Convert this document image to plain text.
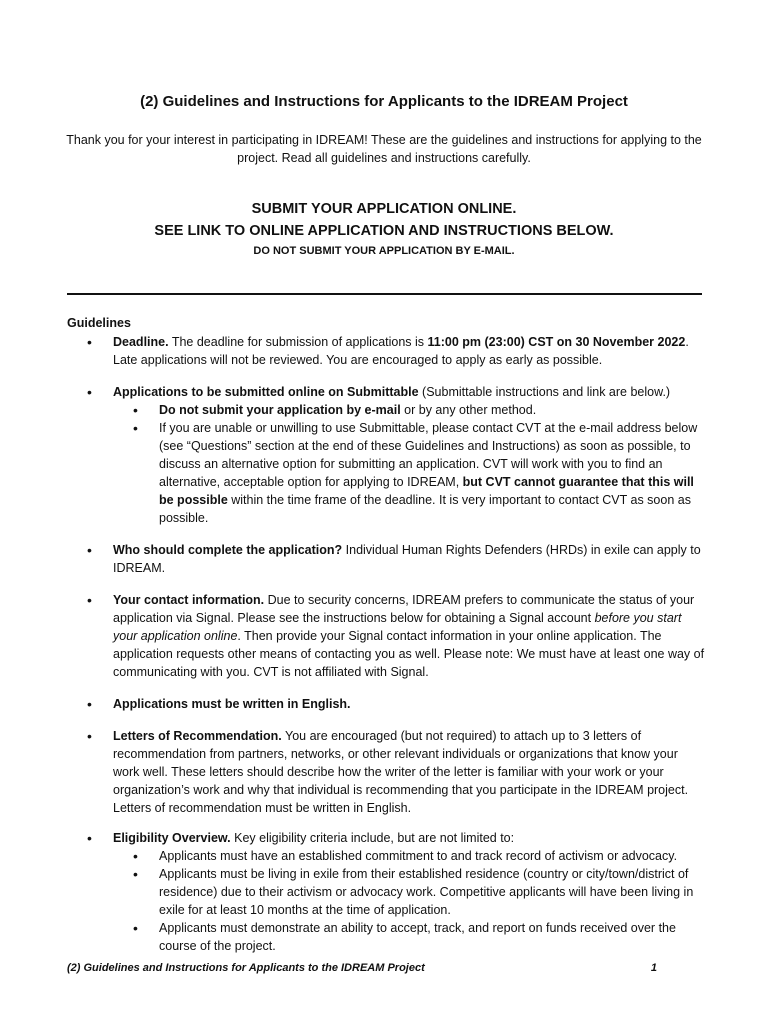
(2) Guidelines and Instructions for Applicants to the IDREAM Project
Thank you for your interest in participating in IDREAM! These are the guidelines and instructions for applying to the project. Read all guidelines and instructions carefully.
SUBMIT YOUR APPLICATION ONLINE.
SEE LINK TO ONLINE APPLICATION AND INSTRUCTIONS BELOW.
DO NOT SUBMIT YOUR APPLICATION BY E-MAIL.
Guidelines
• Deadline. The deadline for submission of applications is 11:00 pm (23:00) CST on 30 November 2022. Late applications will not be reviewed. You are encouraged to apply as early as possible.
• Applications to be submitted online on Submittable (Submittable instructions and link are below.)
• Do not submit your application by e-mail or by any other method.
• If you are unable or unwilling to use Submittable, please contact CVT at the e-mail address below (see “Questions” section at the end of these Guidelines and Instructions) as soon as possible, to discuss an alternative option for submitting an application. CVT will work with you to find an alternative, acceptable option for applying to IDREAM, but CVT cannot guarantee that this will be possible within the time frame of the deadline. It is very important to contact CVT as soon as possible.
• Who should complete the application? Individual Human Rights Defenders (HRDs) in exile can apply to IDREAM.
• Your contact information. Due to security concerns, IDREAM prefers to communicate the status of your application via Signal. Please see the instructions below for obtaining a Signal account before you start your application online. Then provide your Signal contact information in your online application. The application requests other means of contacting you as well. Please note: We must have at least one way of communicating with you. CVT is not affiliated with Signal.
• Applications must be written in English.
• Letters of Recommendation. You are encouraged (but not required) to attach up to 3 letters of recommendation from partners, networks, or other relevant individuals or organizations that know your work well. These letters should describe how the writer of the letter is familiar with your work or your organization’s work and why that individual is recommending that you participate in the IDREAM project. Letters of recommendation must be written in English.
• Eligibility Overview. Key eligibility criteria include, but are not limited to:
• Applicants must have an established commitment to and track record of activism or advocacy.
• Applicants must be living in exile from their established residence (country or city/town/district of residence) due to their activism or advocacy work. Competitive applicants will have been living in exile for at least 10 months at the time of application.
• Applicants must demonstrate an ability to accept, track, and report on funds received over the course of the project.
(2) Guidelines and Instructions for Applicants to the IDREAM Project	1
